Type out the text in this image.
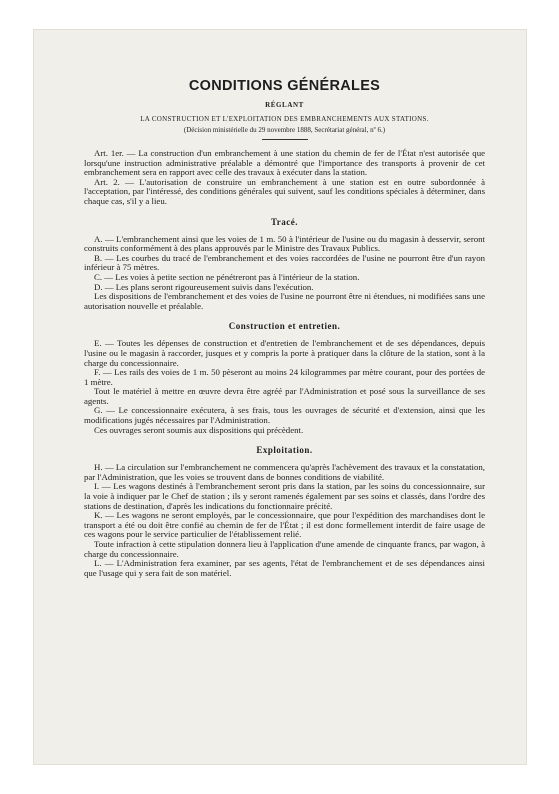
CONDITIONS GÉNÉRALES
RÉGLANT
LA CONSTRUCTION ET L'EXPLOITATION DES EMBRANCHEMENTS AUX STATIONS.
(Décision ministérielle du 29 novembre 1888, Secrétariat général, nº 6.)

Art. 1er. — La construction d'un embranchement à une station du chemin de fer de l'État n'est autorisée que lorsqu'une instruction administrative préalable a démontré que l'importance des transports à provenir de cet embranchement sera en rapport avec celle des travaux à exécuter dans la station.

Art. 2. — L'autorisation de construire un embranchement à une station est en outre subordonnée à l'acceptation, par l'intéressé, des conditions générales qui suivent, sauf les conditions spéciales à déterminer, dans chaque cas, s'il y a lieu.

Tracé.

A. — L'embranchement ainsi que les voies de 1 m. 50 à l'intérieur de l'usine ou du magasin à desservir, seront construits conformément à des plans approuvés par le Ministre des Travaux Publics.

B. — Les courbes du tracé de l'embranchement et des voies raccordées de l'usine ne pourront être d'un rayon inférieur à 75 mètres.

C. — Les voies à petite section ne pénétreront pas à l'intérieur de la station.

D. — Les plans seront rigoureusement suivis dans l'exécution.

Les dispositions de l'embranchement et des voies de l'usine ne pourront être ni étendues, ni modifiées sans une autorisation nouvelle et préalable.

Construction et entretien.

E. — Toutes les dépenses de construction et d'entretien de l'embranchement et de ses dépendances, depuis l'usine ou le magasin à raccorder, jusques et y compris la porte à pratiquer dans la clôture de la station, sont à la charge du concessionnaire.

F. — Les rails des voies de 1 m. 50 pèseront au moins 24 kilogrammes par mètre courant, pour des portées de 1 mètre.

Tout le matériel à mettre en œuvre devra être agréé par l'Administration et posé sous la surveillance de ses agents.

G. — Le concessionnaire exécutera, à ses frais, tous les ouvrages de sécurité et d'extension, ainsi que les modifications jugés nécessaires par l'Administration.

Ces ouvrages seront soumis aux dispositions qui précèdent.

Exploitation.

H. — La circulation sur l'embranchement ne commencera qu'après l'achèvement des travaux et la constatation, par l'Administration, que les voies se trouvent dans de bonnes conditions de viabilité.

I. — Les wagons destinés à l'embranchement seront pris dans la station, par les soins du concessionnaire, sur la voie à indiquer par le Chef de station ; ils y seront ramenés également par ses soins et classés, dans l'ordre des stations de destination, d'après les indications du fonctionnaire précité.

K. — Les wagons ne seront employés, par le concessionnaire, que pour l'expédition des marchandises dont le transport a été ou doit être confié au chemin de fer de l'État ; il est donc formellement interdit de faire usage de ces wagons pour le service particulier de l'établissement relié.

Toute infraction à cette stipulation donnera lieu à l'application d'une amende de cinquante francs, par wagon, à charge du concessionnaire.

L. — L'Administration fera examiner, par ses agents, l'état de l'embranchement et de ses dépendances ainsi que l'usage qui y sera fait de son matériel.
